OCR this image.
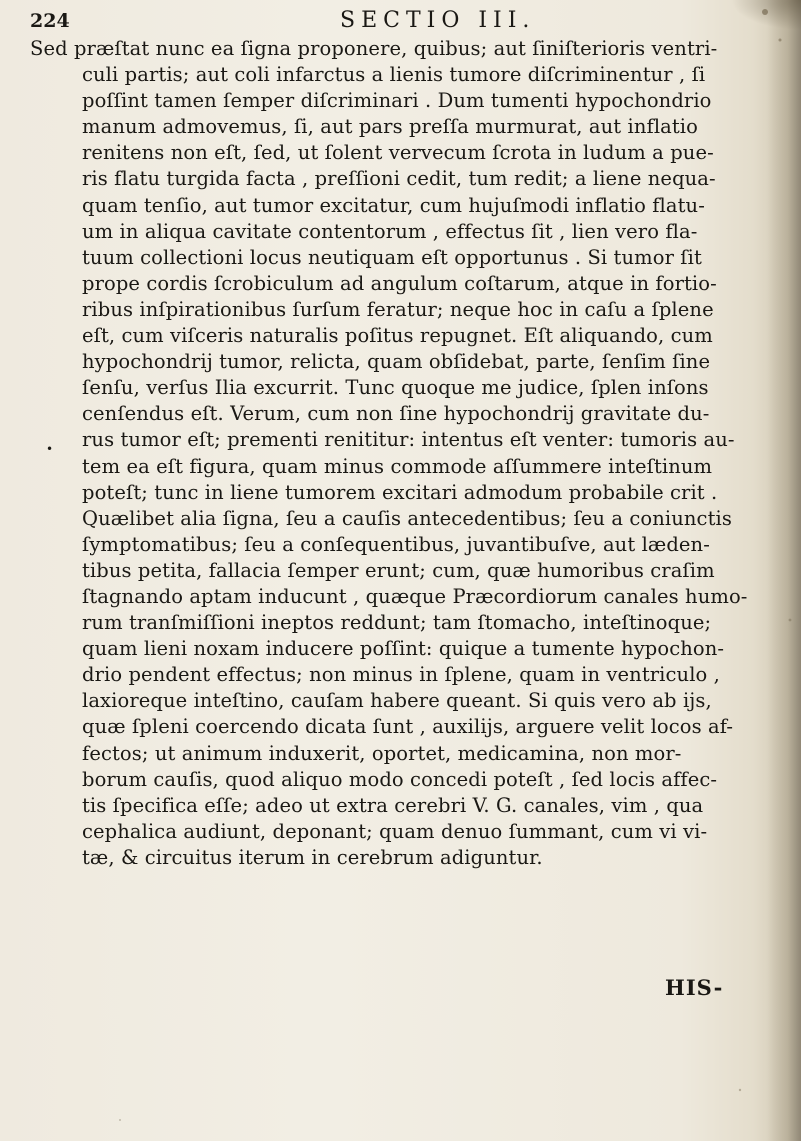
224	SECTIO III.
Sed præſtat nunc ea ſigna proponere, quibus; aut ſiniſterioris ventri-
culi partis; aut coli infarctus a lienis tumore diſcriminentur , ſi
poſſint tamen ſemper diſcriminari . Dum tumenti hypochondrio
manum admovemus, ſi, aut pars preſſa murmurat, aut inflatio
renitens non eſt, ſed, ut ſolent vervecum ſcrota in ludum a pue-
ris flatu turgida facta , preſſioni cedit, tum redit; a liene nequa-
quam tenſio, aut tumor excitatur, cum hujuſmodi inflatio flatu-
um in aliqua cavitate contentorum , effectus ſit , lien vero fla-
tuum collectioni locus neutiquam eſt opportunus . Si tumor ſit
prope cordis ſcrobiculum ad angulum coſtarum, atque in fortio-
ribus inſpirationibus ſurſum feratur; neque hoc in caſu a ſplene
eſt, cum viſceris naturalis poſitus repugnet. Eſt aliquando, cum
hypochondrij tumor, relicta, quam obſidebat, parte, ſenſim ſine
ſenſu, verſus Ilia excurrit. Tunc quoque me judice, ſplen inſons
cenſendus eſt. Verum, cum non ſine hypochondrij gravitate du-
rus tumor eſt; prementi renititur: intentus eſt venter: tumoris au-
tem ea eſt figura, quam minus commode aſſummere inteſtinum
poteſt; tunc in liene tumorem excitari admodum probabile crit .
Quælibet alia ſigna, ſeu a cauſis antecedentibus; ſeu a coniunctis
ſymptomatibus; ſeu a conſequentibus, juvantibuſve, aut læden-
tibus petita, fallacia ſemper erunt; cum, quæ humoribus craſim
ſtagnando aptam inducunt , quæque Præcordiorum canales humo-
rum tranſmiſſioni ineptos reddunt; tam ſtomacho, inteſtinoque;
quam lieni noxam inducere poſſint: quique a tumente hypochon-
drio pendent effectus; non minus in ſplene, quam in ventriculo ,
laxioreque inteſtino, cauſam habere queant. Si quis vero ab ijs,
quæ ſpleni coercendo dicata ſunt , auxilijs, arguere velit locos af-
fectos; ut animum induxerit, oportet, medicamina, non mor-
borum cauſis, quod aliquo modo concedi poteſt , ſed locis affec-
tis ſpecifica eſſe; adeo ut extra cerebri V. G. canales, vim , qua
cephalica audiunt, deponant; quam denuo ſummant, cum vi vi-
tæ, & circuitus iterum in cerebrum adiguntur.
•
HIS-
